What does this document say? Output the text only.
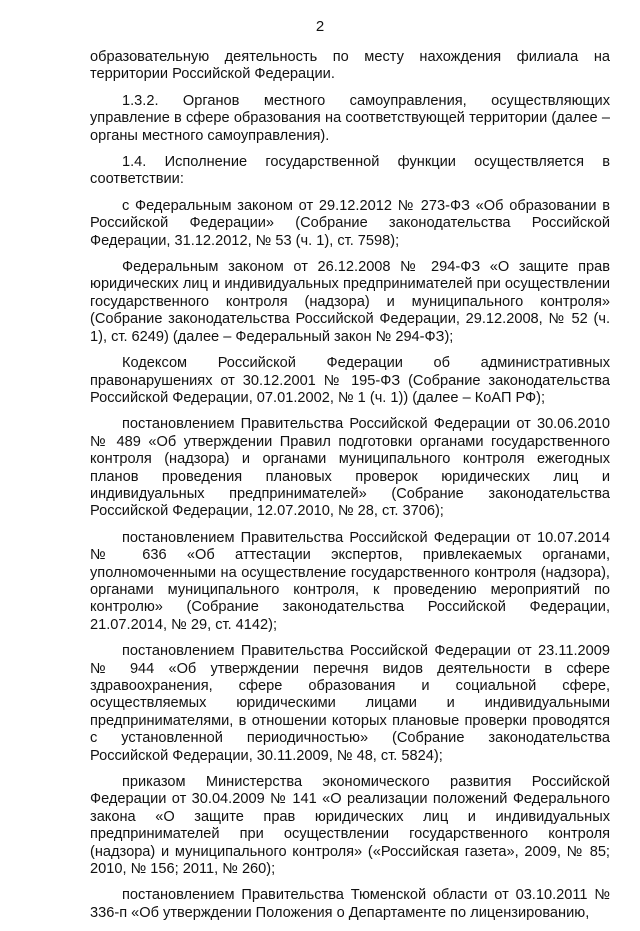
2

образовательную деятельность по месту нахождения филиала на территории Российской Федерации.

1.3.2. Органов местного самоуправления, осуществляющих управление в сфере образования на соответствующей территории (далее – органы местного самоуправления).

1.4. Исполнение государственной функции осуществляется в соответствии:

с Федеральным законом от 29.12.2012 № 273-ФЗ «Об образовании в Российской Федерации» (Собрание законодательства Российской Федерации, 31.12.2012, № 53 (ч. 1), ст. 7598);

Федеральным законом от 26.12.2008 № 294-ФЗ «О защите прав юридических лиц и индивидуальных предпринимателей при осуществлении государственного контроля (надзора) и муниципального контроля» (Собрание законодательства Российской Федерации, 29.12.2008, № 52 (ч. 1), ст. 6249) (далее – Федеральный закон № 294-ФЗ);

Кодексом Российской Федерации об административных правонарушениях от 30.12.2001 № 195-ФЗ (Собрание законодательства Российской Федерации, 07.01.2002, № 1 (ч. 1)) (далее – КоАП РФ);

постановлением Правительства Российской Федерации от 30.06.2010 № 489 «Об утверждении Правил подготовки органами государственного контроля (надзора) и органами муниципального контроля ежегодных планов проведения плановых проверок юридических лиц и индивидуальных предпринимателей» (Собрание законодательства Российской Федерации, 12.07.2010, № 28, ст. 3706);

постановлением Правительства Российской Федерации от 10.07.2014 № 636 «Об аттестации экспертов, привлекаемых органами, уполномоченными на осуществление государственного контроля (надзора), органами муниципального контроля, к проведению мероприятий по контролю» (Собрание законодательства Российской Федерации, 21.07.2014, № 29, ст. 4142);

постановлением Правительства Российской Федерации от 23.11.2009 № 944 «Об утверждении перечня видов деятельности в сфере здравоохранения, сфере образования и социальной сфере, осуществляемых юридическими лицами и индивидуальными предпринимателями, в отношении которых плановые проверки проводятся с установленной периодичностью» (Собрание законодательства Российской Федерации, 30.11.2009, № 48, ст. 5824);

приказом Министерства экономического развития Российской Федерации от 30.04.2009 № 141 «О реализации положений Федерального закона «О защите прав юридических лиц и индивидуальных предпринимателей при осуществлении государственного контроля (надзора) и муниципального контроля» («Российская газета», 2009, № 85; 2010, № 156; 2011, № 260);

постановлением Правительства Тюменской области от 03.10.2011 № 336-п «Об утверждении Положения о Департаменте по лицензированию,
